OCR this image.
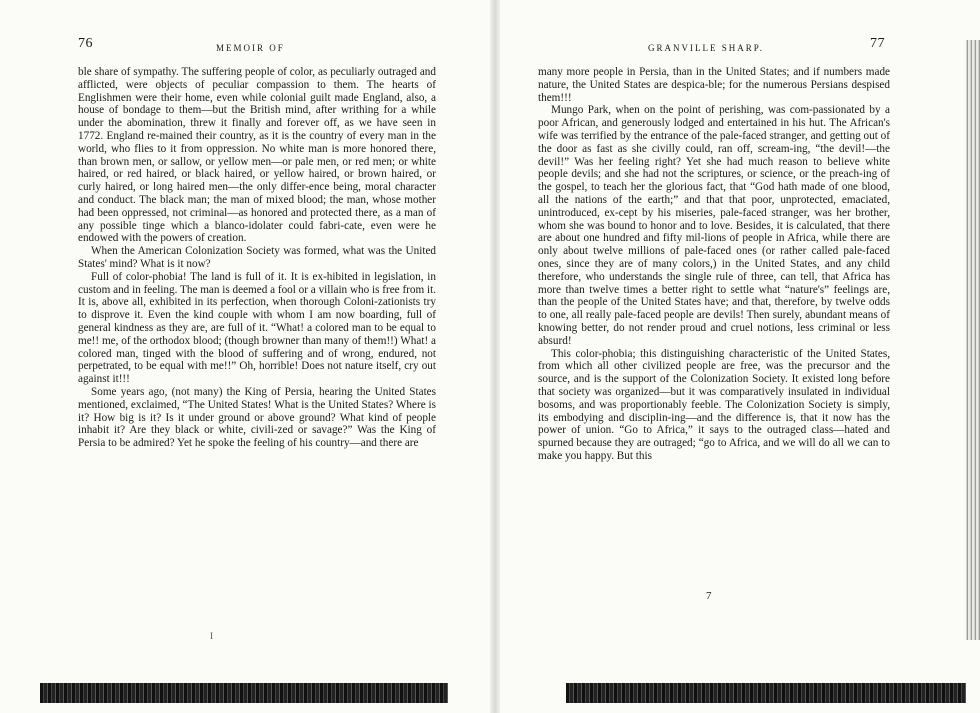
76	MEMOIR OF

ble share of sympathy. The suffering people of color, as peculiarly outraged and afflicted, were objects of peculiar compassion to them. The hearts of Englishmen were their home, even while colonial guilt made England, also, a house of bondage to them—but the British mind, after writhing for a while under the abomination, threw it finally and forever off, as we have seen in 1772. England re-mained their country, as it is the country of every man in the world, who flies to it from oppression. No white man is more honored there, than brown men, or sallow, or yellow men—or pale men, or red men; or white haired, or red haired, or black haired, or yellow haired, or brown haired, or curly haired, or long haired men—the only differ-ence being, moral character and conduct. The black man; the man of mixed blood; the man, whose mother had been oppressed, not criminal—as honored and protected there, as a man of any possible tinge which a blanco-idolater could fabri-cate, even were he endowed with the powers of creation.

When the American Colonization Society was formed, what was the United States' mind? What is it now?

Full of color-phobia! The land is full of it. It is ex-hibited in legislation, in custom and in feeling. The man is deemed a fool or a villain who is free from it. It is, above all, exhibited in its perfection, when thorough Coloni-zationists try to disprove it. Even the kind couple with whom I am now boarding, full of general kindness as they are, are full of it. “What! a colored man to be equal to me!! me, of the orthodox blood; (though browner than many of them!!) What! a colored man, tinged with the blood of suffering and of wrong, endured, not perpetrated, to be equal with me!!” Oh, horrible! Does not nature itself, cry out against it!!!

Some years ago, (not many) the King of Persia, hearing the United States mentioned, exclaimed, “The United States! What is the United States? Where is it? How big is it? Is it under ground or above ground? What kind of people inhabit it? Are they black or white, civili-zed or savage?” Was the King of Persia to be admired? Yet he spoke the feeling of his country—and there are

I
GRANVILLE SHARP.	77

many more people in Persia, than in the United States; and if numbers made nature, the United States are despica-ble; for the numerous Persians despised them!!!

Mungo Park, when on the point of perishing, was com-passionated by a poor African, and generously lodged and entertained in his hut. The African's wife was terrified by the entrance of the pale-faced stranger, and getting out of the door as fast as she civilly could, ran off, scream-ing, “the devil!—the devil!” Was her feeling right? Yet she had much reason to believe white people devils; and she had not the scriptures, or science, or the preach-ing of the gospel, to teach her the glorious fact, that “God hath made of one blood, all the nations of the earth;” and that that poor, unprotected, emaciated, unintroduced, ex-cept by his miseries, pale-faced stranger, was her brother, whom she was bound to honor and to love. Besides, it is calculated, that there are about one hundred and fifty mil-lions of people in Africa, while there are only about twelve millions of pale-faced ones (or rather called pale-faced ones, since they are of many colors,) in the United States, and any child therefore, who understands the single rule of three, can tell, that Africa has more than twelve times a better right to settle what “nature's” feelings are, than the people of the United States have; and that, therefore, by twelve odds to one, all really pale-faced people are devils! Then surely, abundant means of knowing better, do not render proud and cruel notions, less criminal or less absurd!

This color-phobia; this distinguishing characteristic of the United States, from which all other civilized people are free, was the precursor and the source, and is the support of the Colonization Society. It existed long before that society was organized—but it was comparatively insulated in individual bosoms, and was proportionably feeble. The Colonization Society is simply, its embodying and disciplin-ing—and the difference is, that it now has the power of union. “Go to Africa,” it says to the outraged class—hated and spurned because they are outraged; “go to Africa, and we will do all we can to make you happy. But this

7
